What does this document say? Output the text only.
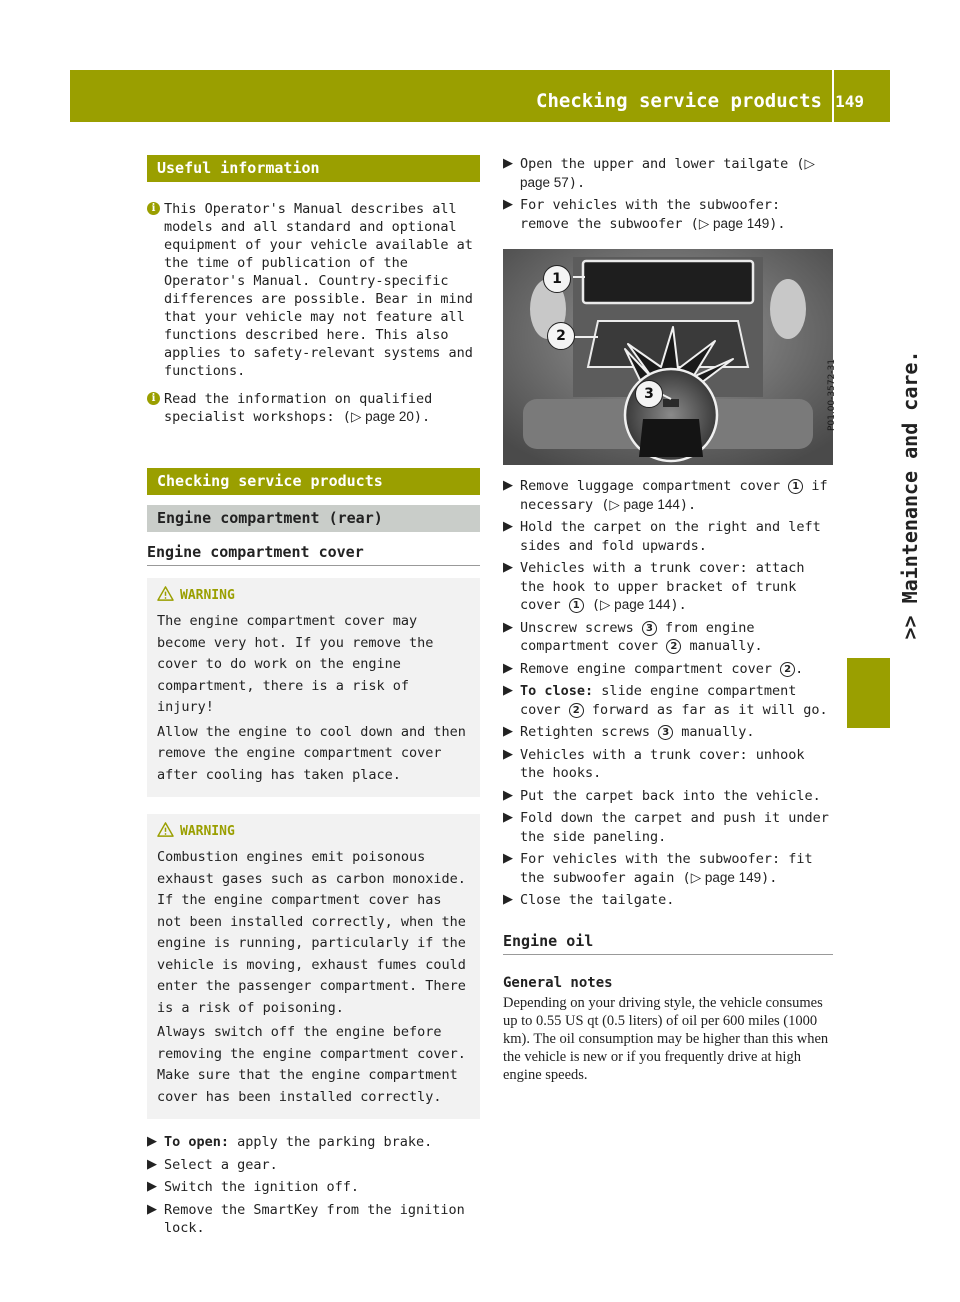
Checking service products 149
>> Maintenance and care.
Useful information

i This Operator's Manual describes all models and all standard and optional equipment of your vehicle available at the time of publication of the Operator's Manual. Country-specific differences are possible. Bear in mind that your vehicle may not feature all functions described here. This also applies to safety-relevant systems and functions.

i Read the information on qualified specialist workshops: (▷ page 20).

Checking service products
Engine compartment (rear)
Engine compartment cover
WARNING

The engine compartment cover may become very hot. If you remove the cover to do work on the engine compartment, there is a risk of injury!

Allow the engine to cool down and then remove the engine compartment cover after cooling has taken place.

WARNING

Combustion engines emit poisonous exhaust gases such as carbon monoxide. If the engine compartment cover has not been installed correctly, when the engine is running, particularly if the vehicle is moving, exhaust fumes could enter the passenger compartment. There is a risk of poisoning.

Always switch off the engine before removing the engine compartment cover. Make sure that the engine compartment cover has been installed correctly.

▶ To open: apply the parking brake.
▶ Select a gear.
▶ Switch the ignition off.
▶ Remove the SmartKey from the ignition lock.
▶ Open the upper and lower tailgate (▷ page 57).
▶ For vehicles with the subwoofer: remove the subwoofer (▷ page 149).
1
2
3	P01.00-3572-31
▶ Remove luggage compartment cover 1 if necessary (▷ page 144).
▶ Hold the carpet on the right and left sides and fold upwards.
▶ Vehicles with a trunk cover: attach the hook to upper bracket of trunk cover 1 (▷ page 144).
▶ Unscrew screws 3 from engine compartment cover 2 manually.
▶ Remove engine compartment cover 2 .
▶ To close: slide engine compartment cover 2 forward as far as it will go.
▶ Retighten screws 3 manually.
▶ Vehicles with a trunk cover: unhook the hooks.
▶ Put the carpet back into the vehicle.
▶ Fold down the carpet and push it under the side paneling.
▶ For vehicles with the subwoofer: fit the subwoofer again (▷ page 149).
▶ Close the tailgate.
Engine oil
General notes

Depending on your driving style, the vehicle consumes up to 0.55 US qt (0.5 liters) of oil per 600 miles (1000 km). The oil consumption may be higher than this when the vehicle is new or if you frequently drive at high engine speeds.
